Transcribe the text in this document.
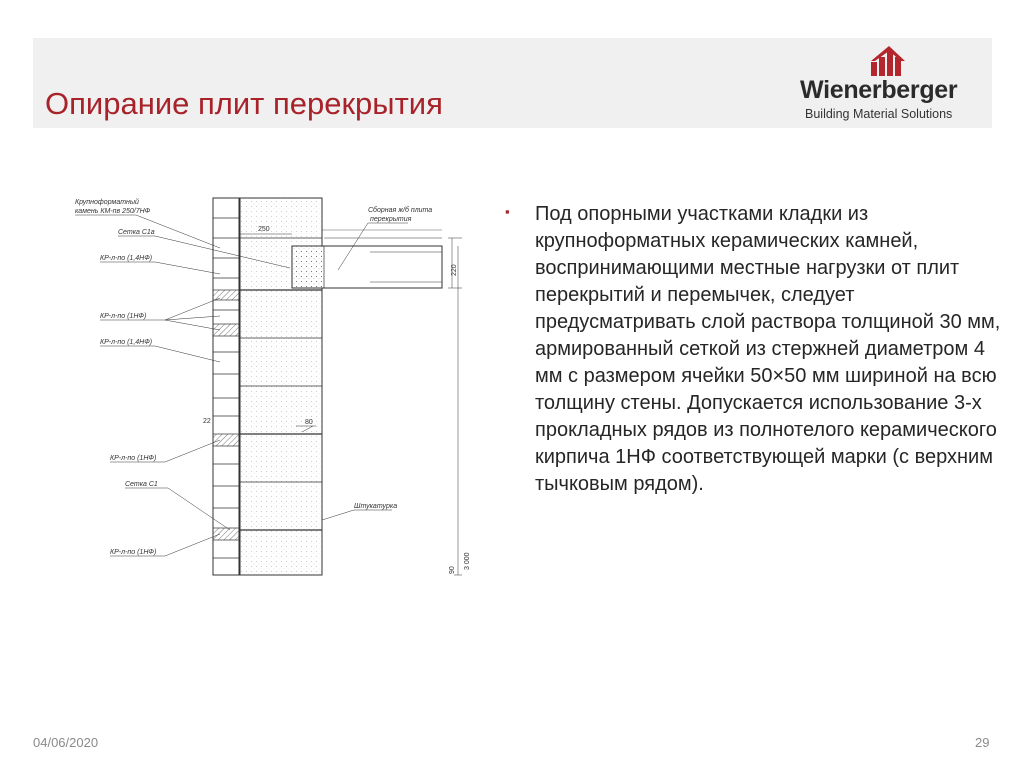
Опирание плит перекрытия	Wienerberger
Building Material Solutions
250
220
80
22
3 000
90
Крупноформатный
камень КМ-пв 250/7НФ
Сетка С1а
КР-л-по (1,4НФ)
КР-л-по (1НФ)
КР-л-по (1,4НФ)
КР-л-по (1НФ)
Сетка С1
КР-л-по (1НФ)
Сборная ж/б плита
перекрытия
Штукатурка
▪ Под опорными участками кладки из крупноформатных керамических камней, воспринимающими местные нагрузки от плит перекрытий и перемычек, следует предусматривать слой раствора толщиной 30 мм, армированный сеткой из стержней диаметром 4 мм с размером ячейки 50×50 мм шириной на всю толщину стены. Допускается использование 3-х прокладных рядов из полнотелого керамического кирпича 1НФ соответствующей марки (с верхним тычковым рядом).
04/06/2020	29
